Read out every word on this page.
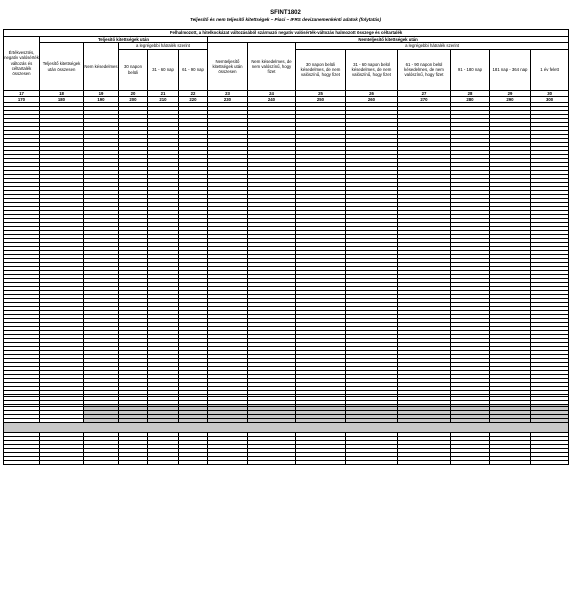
SFINT1802
Teljesítő és nem teljesítő kitettségek – Piaci – IFRS devizanemenkénti adatok (folytatás)
Felhalmozott, a hitelkockázat változásából származó negatív valósérték-változás halmozott összege és céltartalék													
Értékvesztés, negatív valósérték változás és céltartalék összesen	Teljesítő kitettségek után					Nemteljesítő kitettségek után							
	Teljesítő kitettségek után összesen	Nem késedelmes	a legrégebbi hátralék szerint			Nemteljesítő kitettségek után összesen	Nem késedelmes, de nem valószínű, hogy fizet	a legrégebbi hátralék szerint					
			30 napon belüli	31 - 60 nap	61 - 90 nap			30 napon belüli késedelmes, de nem valószínű, hogy fizet	31 - 60 napon belül késedelmes, de nem valószínű, hogy fizet	61 - 90 napon belül késedelmes, de nem valószínű, hogy fizet	91 - 180 nap	181 nap - 364 nap	1 év felett
17	18	19	20	21	22	23	24	25	26	27	28	29	30
170	180	190	200	210	220	230	240	250	260	270	280	290	300
